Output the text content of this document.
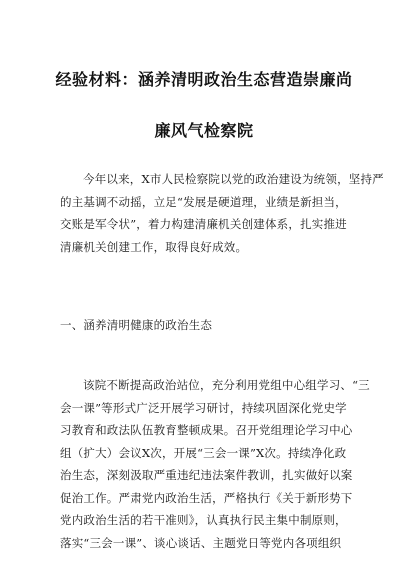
经验材料：涵养清明政治生态营造崇廉尚
廉风气检察院
今年以来，X市人民检察院以党的政治建设为统领，坚持严
的主基调不动摇，立足“发展是硬道理，业绩是新担当，
交账是军令状”，着力构建清廉机关创建体系，扎实推进
清廉机关创建工作，取得良好成效。
一、涵养清明健康的政治生态
该院不断提高政治站位，充分利用党组中心组学习、“三
会一课”等形式广泛开展学习研讨，持续巩固深化党史学
习教育和政法队伍教育整顿成果。召开党组理论学习中心
组（扩大）会议X次，开展“三会一课”X次。持续净化政
治生态，深刻汲取严重违纪违法案件教训，扎实做好以案
促治工作。严肃党内政治生活，严格执行《关于新形势下
党内政治生活的若干准则》，认真执行民主集中制原则，
落实“三会一课”、谈心谈话、主题党日等党内各项组织
